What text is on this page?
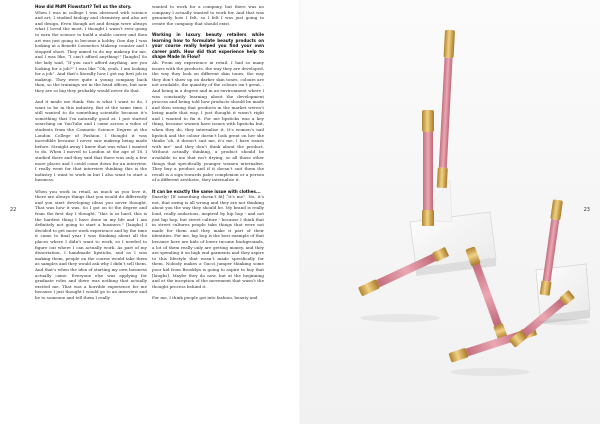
How did MdM Flowstart? Tell us the story.

When I was in college I was obsessed with science and art; I studied biology and chemistry and also art and design. Even though art and design were always what I loved the most, I thought I wasn’t ever going to earn the science to build a stable career and then art was just going to become a hobby. One day I was looking at a Benefit Cosmetics Makeup counter and I stopped short. They aimed to do my makeup for me, and I was like, “I can’t afford anything!” [laughs] So the lady said, “If you can’t afford anything, are you looking for a job?” I was like “Ok, yeah, I am looking for a job”. And that’s literally how I got my first job in makeup. They were quite a young company back then, so the trainings we in the head offices, but now they are so big they probably would never do that.

And it made me think: this is what I want to do, I want to be in this industry. But at the same time, I still wanted to do something scientific because it’s something that I’m naturally good at. I just started searching on YouTube and I came across a video of students from the Cosmetic Science Degree at the London College of Fashion. I thought it was incredible because I never saw makeup being made before. Straight away I knew that was what I wanted to do. When I moved to London at the age of 18, I studied there and they said that there was only a few more places and I could come down for an interview. I really went for that interview thinking this is the industry I want to work in but I also want to start a business.

When you work in retail, as much as you love it, there are always things that you would do differently and you start developing ideas you never thought. That was how it was. So I got on to the degree and from the first day I thought, “this is so hard, this is the hardest thing I have done in my life and I am definitely not going to start a business.” [laughs] I decided to get more work experience and by the time it came to final year I was thinking about all the places where I didn’t want to work, so I needed to figure out where I can actually work. As part of my dissertation, I handmade lipsticks, and as I was making them, people on the course would take them as samples and they would ask why I didn’t sell them. And that’s when the idea of starting my own business actually came. Everyone else was applying for graduate roles and there was nothing that actually excited me. That was a horrible experience for me because I just thought I would go to an interview and lie to someone and tell them I really

wanted to work for a company, but there was no company I actually wanted to work for. And that was genuinely how I felt, so I felt I was just going to create the company that should exist.

Working in luxury beauty retailers while learning how to formulate beauty products on your course really helped you find your own career path. How did that experience help to shape Made In Flow?

Ah. From my experience in retail, I had so many issues with the products, the way they are developed, the way they look on different skin tones, the way they don’t show up on darker skin tones, colours are not available, the quantity of the colours isn’t great… And being in a degree and in an environment where I was constantly learning about the development process and being told how products should be made and then seeing that products in the market weren’t being made that way, I just thought it wasn’t right and I wanted to fix it. For me lipsticks was a key thing, because women have issues with lipsticks but, when they do, they internalise it. It’s women’s nail lipstick and the colour doesn’t look great on her she thinks ‘oh, it doesn’t suit me, it’s me, I have issues with me” and they don’t think about the product. Without actually thinking, a product should be available to me that isn’t drying, or all those other things that specifically younger women internalise. They buy a product and if it doesn’t suit them the result is a sign towards paler complexion or a person of a different aesthetic, they internalise it.

It can be exactly the same issue with clothes...

Exactly! [If something doesn’t fit] “it’s me”. No, it’s not, that sizing is all wrong and they are not thinking about you the way they should be. My brand is really loud, really audacious, inspired by hip hop - and not just hip hop, but street culture - because I think that in street cultures people take things that were not made for them and they make it part of their identities. For me, hip hop is the best example of that because here are kids of lower income backgrounds, a lot of them really only are getting money, and they are spending it on high end garments and they aspire to this lifestyle that wasn’t made specifically for them. Nobody makes a Gucci jumper thinking some poor kid from Brooklyn is going to aspire to buy that [laughs]. Maybe they do now, but at the beginning and at the inception of the movement that wasn’t the thought process behind it.

For me, I think people got into fashion, beauty and

22	23
